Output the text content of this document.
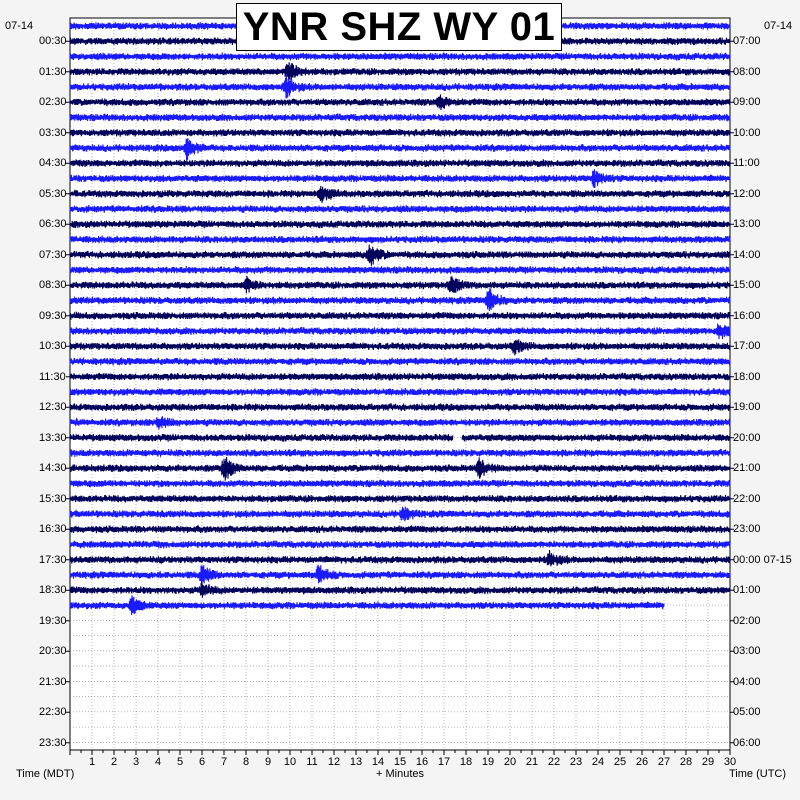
YNR SHZ WY 01
07-14	07-14
00:30
01:30
02:30
03:30
04:30
05:30
06:30
07:30
08:30
09:30
10:30
11:30
12:30
13:30
14:30
15:30
16:30
17:30
18:30
19:30
20:30
21:30
22:30
23:30
07:00
08:00
09:00
10:00
11:00
12:00
13:00
14:00
15:00
16:00
17:00
18:00
19:00
20:00
21:00
22:00
23:00
00:00 07-15
01:00
02:00
03:00
04:00
05:00
06:00
1	2	3	4	5	6	7	8	9	10 11 12 13 14 15 16 17 18 19 20 21 22 23 24 25 26 27 28 29 30
Time (MDT)	+ Minutes	Time (UTC)
